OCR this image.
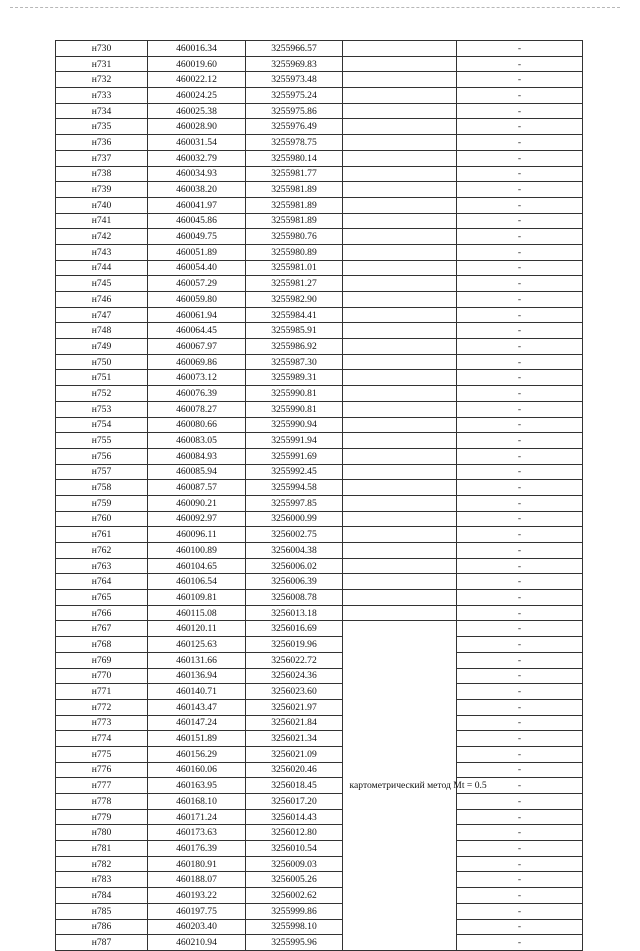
н730	460016.34	3255966.57		-
н731	460019.60	3255969.83		-
н732	460022.12	3255973.48		-
н733	460024.25	3255975.24		-
н734	460025.38	3255975.86		-
н735	460028.90	3255976.49		-
н736	460031.54	3255978.75		-
н737	460032.79	3255980.14		-
н738	460034.93	3255981.77		-
н739	460038.20	3255981.89		-
н740	460041.97	3255981.89		-
н741	460045.86	3255981.89		-
н742	460049.75	3255980.76		-
н743	460051.89	3255980.89		-
н744	460054.40	3255981.01		-
н745	460057.29	3255981.27		-
н746	460059.80	3255982.90		-
н747	460061.94	3255984.41		-
н748	460064.45	3255985.91		-
н749	460067.97	3255986.92		-
н750	460069.86	3255987.30		-
н751	460073.12	3255989.31		-
н752	460076.39	3255990.81		-
н753	460078.27	3255990.81		-
н754	460080.66	3255990.94		-
н755	460083.05	3255991.94		-
н756	460084.93	3255991.69		-
н757	460085.94	3255992.45		-
н758	460087.57	3255994.58		-
н759	460090.21	3255997.85		-
н760	460092.97	3256000.99		-
н761	460096.11	3256002.75		-
н762	460100.89	3256004.38		-
н763	460104.65	3256006.02		-
н764	460106.54	3256006.39		-
н765	460109.81	3256008.78		-
н766	460115.08	3256013.18		-
н767	460120.11	3256016.69	картометрический метод Mt = 0.5	-
н768	460125.63	3256019.96		-
н769	460131.66	3256022.72		-
н770	460136.94	3256024.36		-
н771	460140.71	3256023.60		-
н772	460143.47	3256021.97		-
н773	460147.24	3256021.84		-
н774	460151.89	3256021.34		-
н775	460156.29	3256021.09		-
н776	460160.06	3256020.46		-
н777	460163.95	3256018.45		-
н778	460168.10	3256017.20		-
н779	460171.24	3256014.43		-
н780	460173.63	3256012.80		-
н781	460176.39	3256010.54		-
н782	460180.91	3256009.03		-
н783	460188.07	3256005.26		-
н784	460193.22	3256002.62		-
н785	460197.75	3255999.86		-
н786	460203.40	3255998.10		-
н787	460210.94	3255995.96		-
